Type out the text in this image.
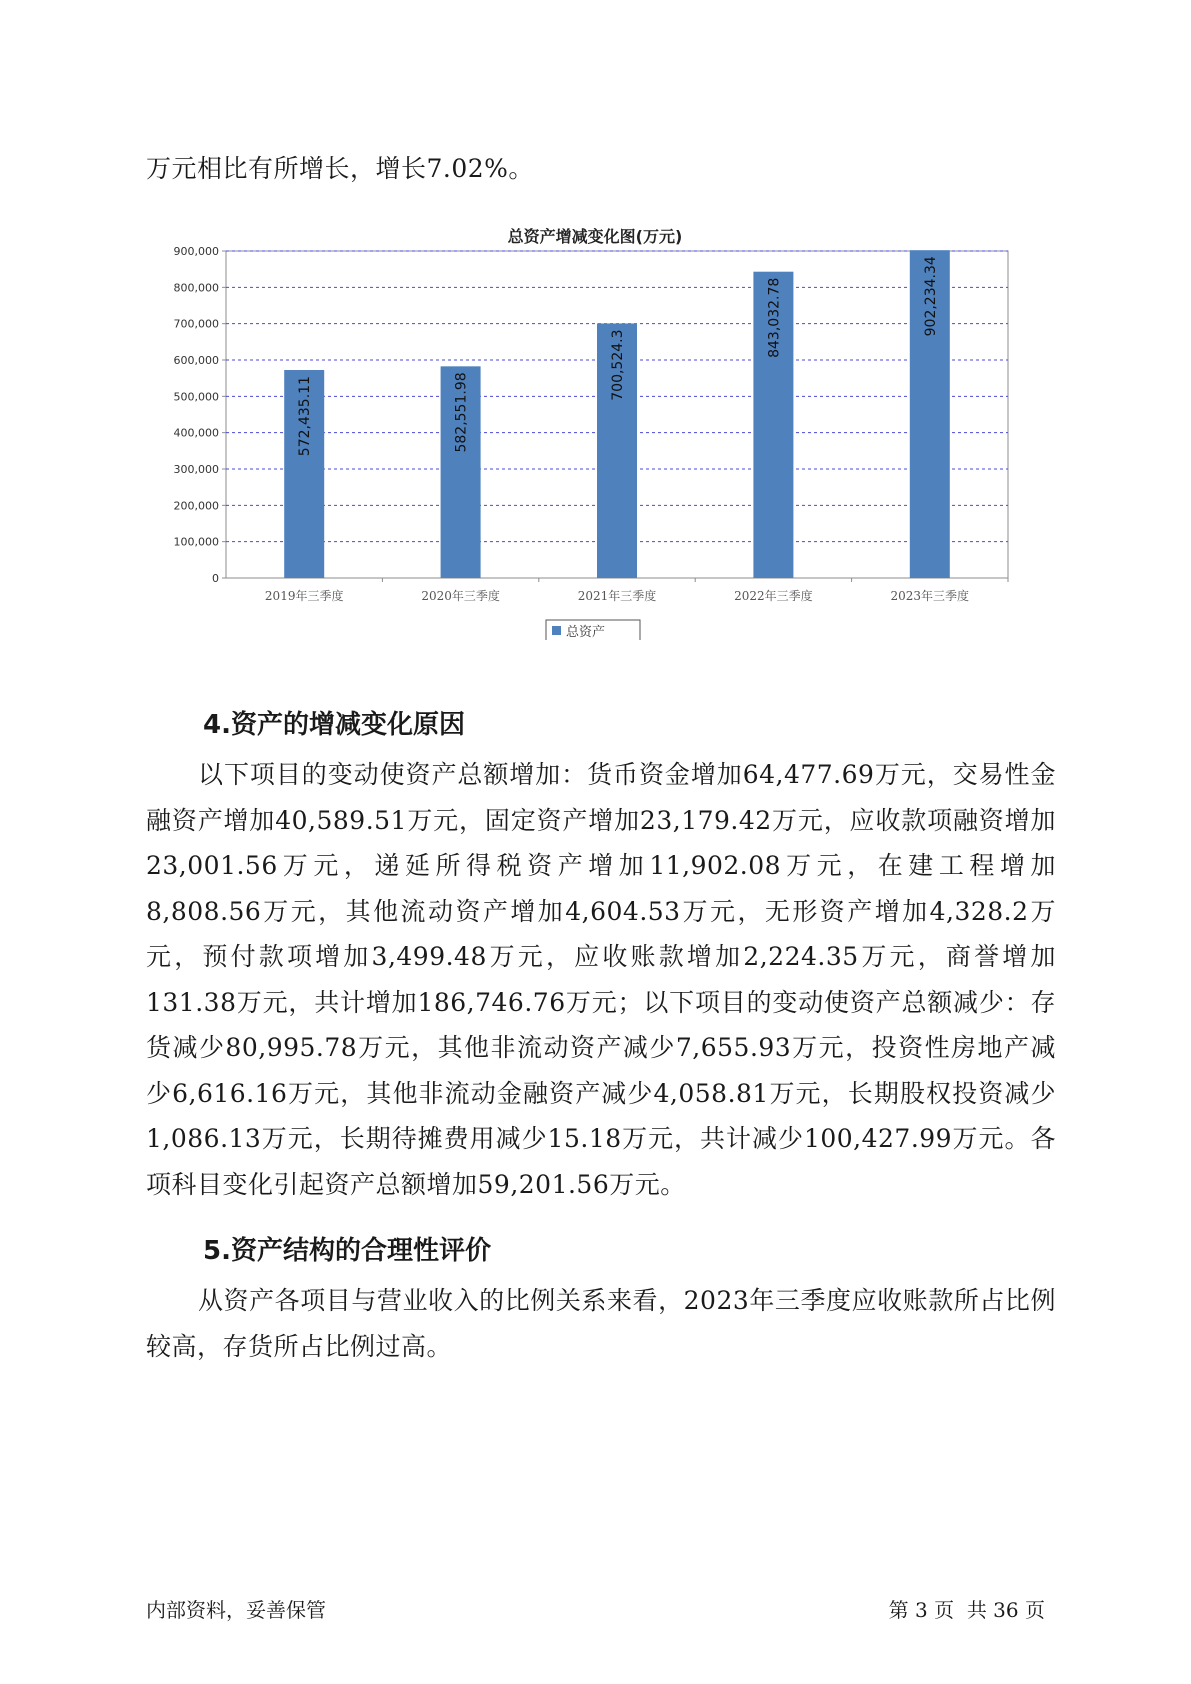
万元相比有所增长，增长7.02%。

总资产增减变化图(万元)
0
100,000
200,000
300,000
400,000
500,000
600,000
700,000
800,000
900,000
572,435.11	582,551.98
700,524.3
843,032.78	902,234.34
2019年三季度	2020年三季度	2021年三季度	2022年三季度	2023年三季度
总资产
4.资产的增减变化原因

以下项目的变动使资产总额增加：货币资金增加64,477.69万元，交易性金融资产增加40,589.51万元，固定资产增加23,179.42万元，应收款项融资增加23,001.56万元，递延所得税资产增加11,902.08万元，在建工程增加8,808.56万元，其他流动资产增加4,604.53万元，无形资产增加4,328.2万元，预付款项增加3,499.48万元，应收账款增加2,224.35万元，商誉增加131.38万元，共计增加186,746.76万元；以下项目的变动使资产总额减少：存货减少80,995.78万元，其他非流动资产减少7,655.93万元，投资性房地产减少6,616.16万元，其他非流动金融资产减少4,058.81万元，长期股权投资减少1,086.13万元，长期待摊费用减少15.18万元，共计减少100,427.99万元。各项科目变化引起资产总额增加59,201.56万元。

5.资产结构的合理性评价

从资产各项目与营业收入的比例关系来看，2023年三季度应收账款所占比例较高，存货所占比例过高。

内部资料，妥善保管	第 3 页  共 36 页
